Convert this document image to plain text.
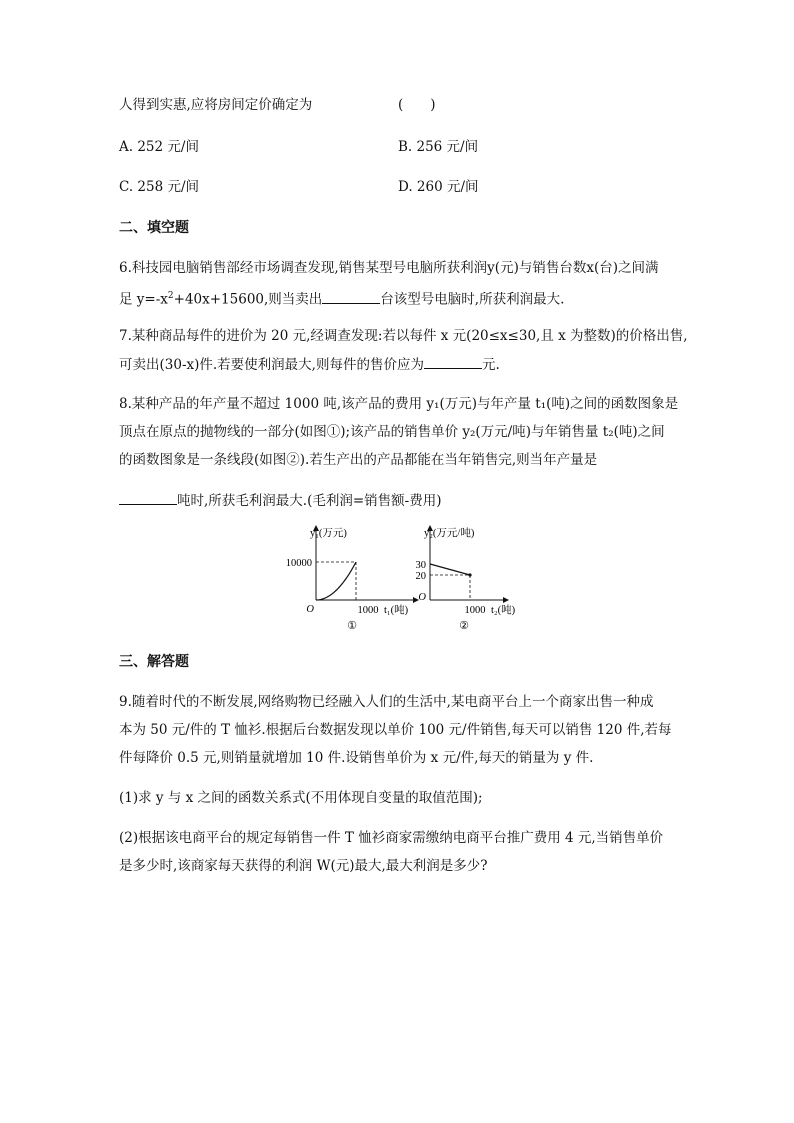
人得到实惠,应将房间定价确定为	(　　)
A. 252 元/间	B. 256 元/间
C. 258 元/间	D. 260 元/间
二、填空题
6.科技园电脑销售部经市场调查发现,销售某型号电脑所获利润y(元)与销售台数x(台)之间满
足 $y=-x^2+40x+15600$,则当卖出	台该型号电脑时,所获利润最大.
7.某种商品每件的进价为 20 元,经调查发现:若以每件 x 元(20≤x≤30,且 x 为整数)的价格出售,
可卖出(30-x)件.若要使利润最大,则每件的售价应为	元.
8.某种产品的年产量不超过 1000 吨,该产品的费用 y₁(万元)与年产量 t₁(吨)之间的函数图象是
顶点在原点的抛物线的一部分(如图①);该产品的销售单价 y₂(万元/吨)与年销售量 t₂(吨)之间
的函数图象是一条线段(如图②).若生产出的产品都能在当年销售完,则当年产量是
吨时,所获毛利润最大.(毛利润=销售额-费用)
y₁(万元)
10000
O	1000 t₁(吨)
①
y₂(万元/吨)
30
20
O
1000 t₂(吨)
②
三、解答题
9.随着时代的不断发展,网络购物已经融入人们的生活中,某电商平台上一个商家出售一种成
本为 50 元/件的 T 恤衫.根据后台数据发现以单价 100 元/件销售,每天可以销售 120 件,若每
件每降价 0.5 元,则销量就增加 10 件.设销售单价为 x 元/件,每天的销量为 y 件.
(1)求 y 与 x 之间的函数关系式(不用体现自变量的取值范围);
(2)根据该电商平台的规定每销售一件 T 恤衫商家需缴纳电商平台推广费用 4 元,当销售单价
是多少时,该商家每天获得的利润 W(元)最大,最大利润是多少?
